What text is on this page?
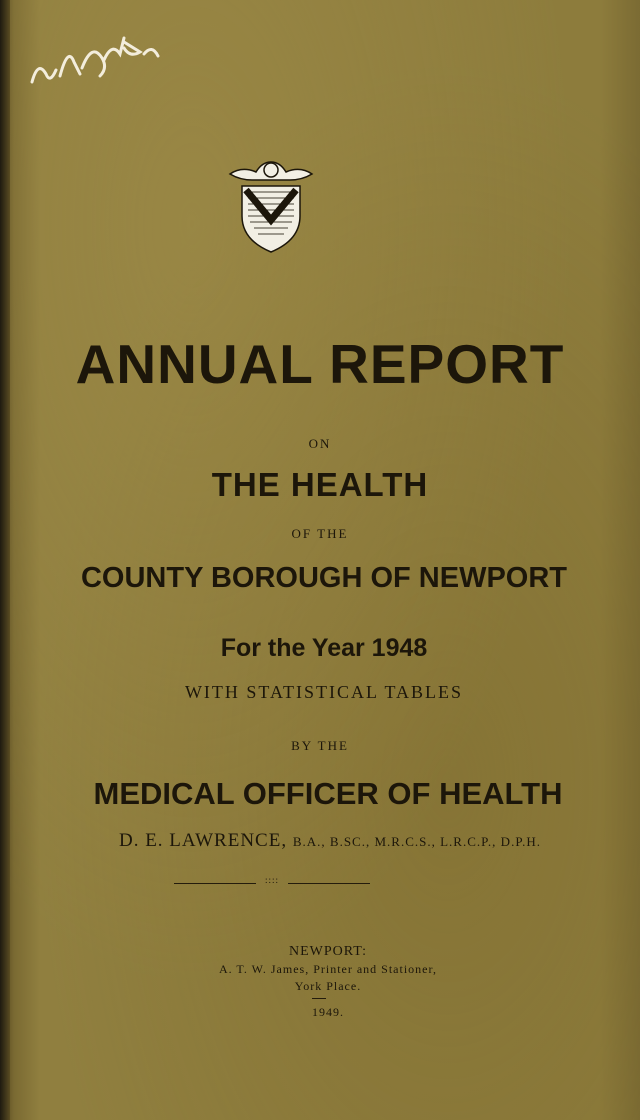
ANNUAL REPORT

ON

THE HEALTH

OF THE

COUNTY BOROUGH OF NEWPORT

For the Year 1948

WITH STATISTICAL TABLES

BY THE

MEDICAL OFFICER OF HEALTH

D. E. LAWRENCE, B.A., B.SC., M.R.C.S., L.R.C.P., D.P.H.

::::

NEWPORT:

A. T. W. James, Printer and Stationer,

York Place.

1949.
